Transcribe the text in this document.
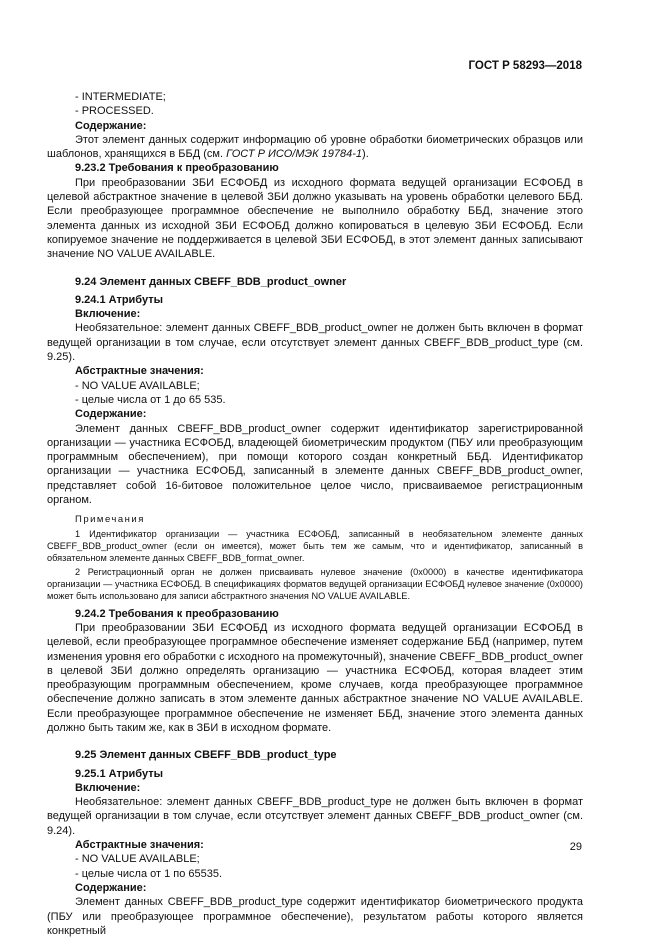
ГОСТ Р 58293—2018

- INTERMEDIATE;

- PROCESSED.

Содержание:

Этот элемент данных содержит информацию об уровне обработки биометрических образцов или шаблонов, хранящихся в ББД (см. ГОСТ Р ИСО/МЭК 19784-1).

9.23.2 Требования к преобразованию

При преобразовании ЗБИ ЕСФОБД из исходного формата ведущей организации ЕСФОБД в целевой абстрактное значение в целевой ЗБИ должно указывать на уровень обработки целевого ББД. Если преобразующее программное обеспечение не выполнило обработку ББД, значение этого элемента данных из исходной ЗБИ ЕСФОБД должно копироваться в целевую ЗБИ ЕСФОБД. Если копируемое значение не поддерживается в целевой ЗБИ ЕСФОБД, в этот элемент данных записывают значение NO VALUE AVAILABLE.

9.24 Элемент данных CBEFF_BDB_product_owner

9.24.1 Атрибуты

Включение:

Необязательное: элемент данных CBEFF_BDB_product_owner не должен быть включен в формат ведущей организации в том случае, если отсутствует элемент данных CBEFF_BDB_product_type (см. 9.25).

Абстрактные значения:

- NO VALUE AVAILABLE;

- целые числа от 1 до 65 535.

Содержание:

Элемент данных CBEFF_BDB_product_owner содержит идентификатор зарегистрированной организации — участника ЕСФОБД, владеющей биометрическим продуктом (ПБУ или преобразующим программным обеспечением), при помощи которого создан конкретный ББД. Идентификатор организации — участника ЕСФОБД, записанный в элементе данных CBEFF_BDB_product_owner, представляет собой 16-битовое положительное целое число, присваиваемое регистрационным органом.

Примечания

1 Идентификатор организации — участника ЕСФОБД, записанный в необязательном элементе данных CBEFF_BDB_product_owner (если он имеется), может быть тем же самым, что и идентификатор, записанный в обязательном элементе данных CBEFF_BDB_format_owner.

2 Регистрационный орган не должен присваивать нулевое значение (0x0000) в качестве идентификатора организации — участника ЕСФОБД. В спецификациях форматов ведущей организации ЕСФОБД нулевое значение (0x0000) может быть использовано для записи абстрактного значения NO VALUE AVAILABLE.

9.24.2 Требования к преобразованию

При преобразовании ЗБИ ЕСФОБД из исходного формата ведущей организации ЕСФОБД в целевой, если преобразующее программное обеспечение изменяет содержание ББД (например, путем изменения уровня его обработки с исходного на промежуточный), значение CBEFF_BDB_product_owner в целевой ЗБИ должно определять организацию — участника ЕСФОБД, которая владеет этим преобразующим программным обеспечением, кроме случаев, когда преобразующее программное обеспечение должно записать в этом элементе данных абстрактное значение NO VALUE AVAILABLE. Если преобразующее программное обеспечение не изменяет ББД, значение этого элемента данных должно быть таким же, как в ЗБИ в исходном формате.

9.25 Элемент данных CBEFF_BDB_product_type

9.25.1 Атрибуты

Включение:

Необязательное: элемент данных CBEFF_BDB_product_type не должен быть включен в формат ведущей организации в том случае, если отсутствует элемент данных CBEFF_BDB_product_owner (см. 9.24).

Абстрактные значения:

- NO VALUE AVAILABLE;

- целые числа от 1 по 65535.

Содержание:

Элемент данных CBEFF_BDB_product_type содержит идентификатор биометрического продукта (ПБУ или преобразующее программное обеспечение), результатом работы которого является конкретный

29
